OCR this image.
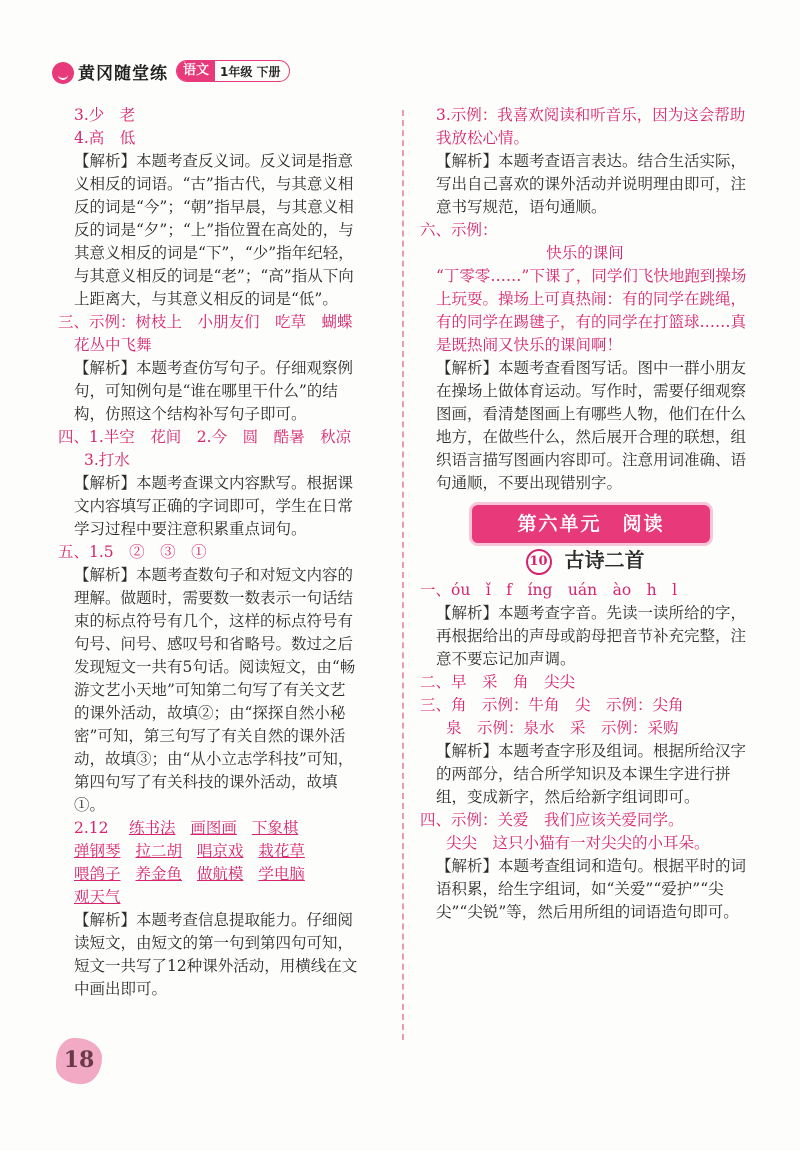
黄冈随堂练	语文 1年级 下册

3.少　老

4.高　低

【解析】本题考查反义词。反义词是指意义相反的词语。“古”指古代，与其意义相反的词是“今”；“朝”指早晨，与其意义相反的词是“夕”；“上”指位置在高处的，与其意义相反的词是“下”，“少”指年纪轻，与其意义相反的词是“老”；“高”指从下向上距离大，与其意义相反的词是“低”。

三、示例：树枝上　小朋友们　吃草　蝴蝶

花丛中飞舞

【解析】本题考查仿写句子。仔细观察例句，可知例句是“谁在哪里干什么”的结构，仿照这个结构补写句子即可。

四、1.半空　花间　2.今　圆　酷暑　秋凉

3.打水

【解析】本题考查课文内容默写。根据课文内容填写正确的字词即可，学生在日常学习过程中要注意积累重点词句。

五、1.5　②　③　①

【解析】本题考查数句子和对短文内容的理解。做题时，需要数一数表示一句话结束的标点符号有几个，这样的标点符号有句号、问号、感叹号和省略号。数过之后发现短文一共有5句话。阅读短文，由“畅游文艺小天地”可知第二句写了有关文艺的课外活动，故填②；由“探探自然小秘密”可知，第三句写了有关自然的课外活动，故填③；由“从小立志学科技”可知，第四句写了有关科技的课外活动，故填①。

2.12　 练书法 画图画 下象棋 弹钢琴 拉二胡 唱京戏 栽花草 喂鸽子 养金鱼 做航模 学电脑 观天气

【解析】本题考查信息提取能力。仔细阅读短文，由短文的第一句到第四句可知，短文一共写了12种课外活动，用横线在文中画出即可。

3.示例：我喜欢阅读和听音乐，因为这会帮助我放松心情。

【解析】本题考查语言表达。结合生活实际，写出自己喜欢的课外活动并说明理由即可，注意书写规范，语句通顺。

六、示例：

快乐的课间

“丁零零……”下课了，同学们飞快地跑到操场上玩耍。操场上可真热闹：有的同学在跳绳，有的同学在踢毽子，有的同学在打篮球……真是既热闹又快乐的课间啊！

【解析】本题考查看图写话。图中一群小朋友在操场上做体育运动。写作时，需要仔细观察图画，看清楚图画上有哪些人物，他们在什么地方，在做些什么，然后展开合理的联想，组织语言描写图画内容即可。注意用词准确、语句通顺，不要出现错别字。

第六单元　阅读
10 古诗二首

一、óu　ǐ　f　íng　uán　ào　h　l

【解析】本题考查字音。先读一读所给的字，再根据给出的声母或韵母把音节补充完整，注意不要忘记加声调。

二、早　采　角　尖尖

三、角　示例：牛角　尖　示例：尖角

泉　示例：泉水　采　示例：采购

【解析】本题考查字形及组词。根据所给汉字的两部分，结合所学知识及本课生字进行拼组，变成新字，然后给新字组词即可。

四、示例：关爱　我们应该关爱同学。

尖尖　这只小猫有一对尖尖的小耳朵。

【解析】本题考查组词和造句。根据平时的词语积累，给生字组词，如“关爱”“爱护”“尖尖”“尖锐”等，然后用所组的词语造句即可。

18
